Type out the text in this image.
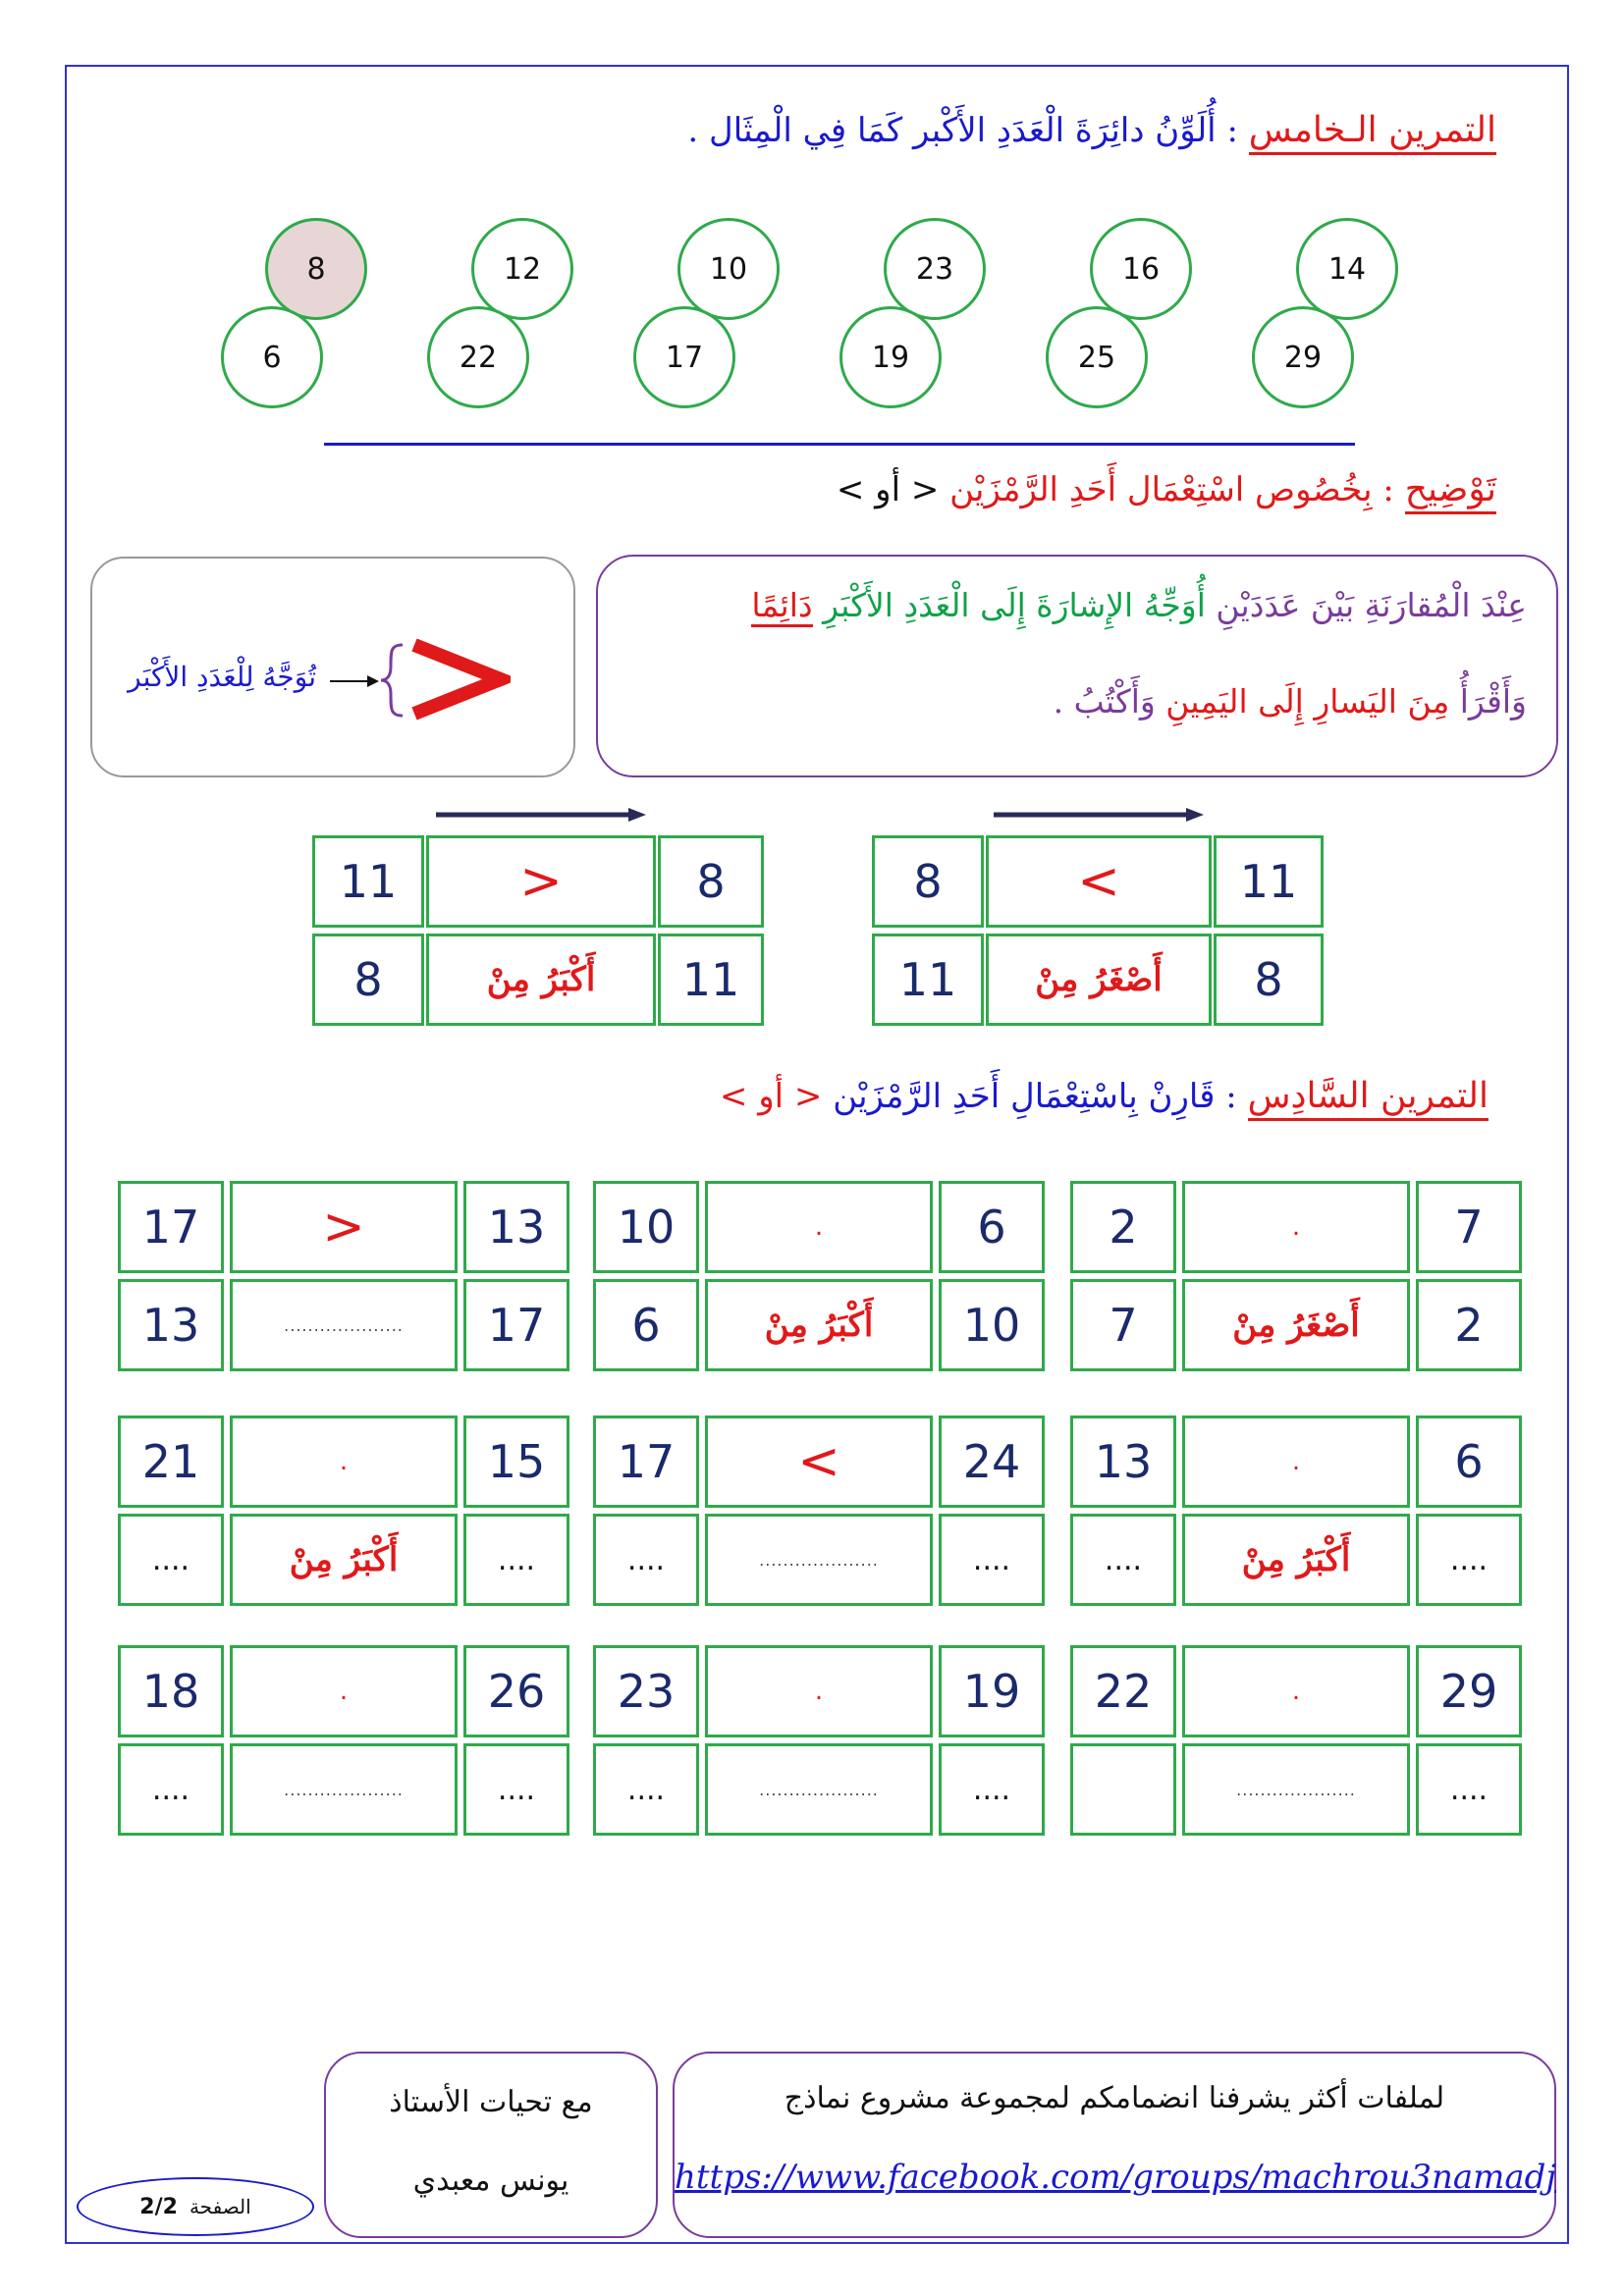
التمرين الـخامس : أُلَوِّنُ دائِرَةَ الْعَدَدِ الأَكْبر كَمَا فِي الْمِثَال .
14
16
23
10
12
8
29
25
19
17
22
6
تَوْضِيح : بِخُصُوص اسْتِعْمَال أَحَدِ الرَّمْزَيْن < أو >
عِنْدَ الْمُقارَنَةِ بَيْنَ عَدَدَيْنِ أُوَجِّهُ الإِشارَةَ إِلَى الْعَدَدِ الأَكْبَرِ دَائِمًا
وَأَقْرَأُ مِنَ اليَسارِ إِلَى اليَمِينِ وَأَكْتُبُ .
تُوَجَّهُ لِلْعَدَدِ الأَكْبَر
11
<
8
8
أَصْغَرُ مِنْ
11
8
>
11
11
أَكْبَرُ مِنْ
8
التمرين السَّادِس : قَارِنْ بِاسْتِعْمَالِ أَحَدِ الرَّمْزَيْن < أو >
7
.
2
2
أَصْغَرُ مِنْ
7
6
.
10
10
أَكْبَرُ مِنْ
6
13
>
17
17
....................
13
6
.
13
....
أَكْبَرُ مِنْ
....
24
<
17
....
....................
....
15
.
21
....
أَكْبَرُ مِنْ
....
29
.
22
....
....................
19
.
23
....
....................
....
26
.
18
....
....................
....
لملفات أكثر يشرفنا انضمامكم لمجموعة مشروع نماذج
https://www.facebook.com/groups/machrou3namadj
مع تحيات الأستاذ
يونس معبدي
الصفحة
2/2
